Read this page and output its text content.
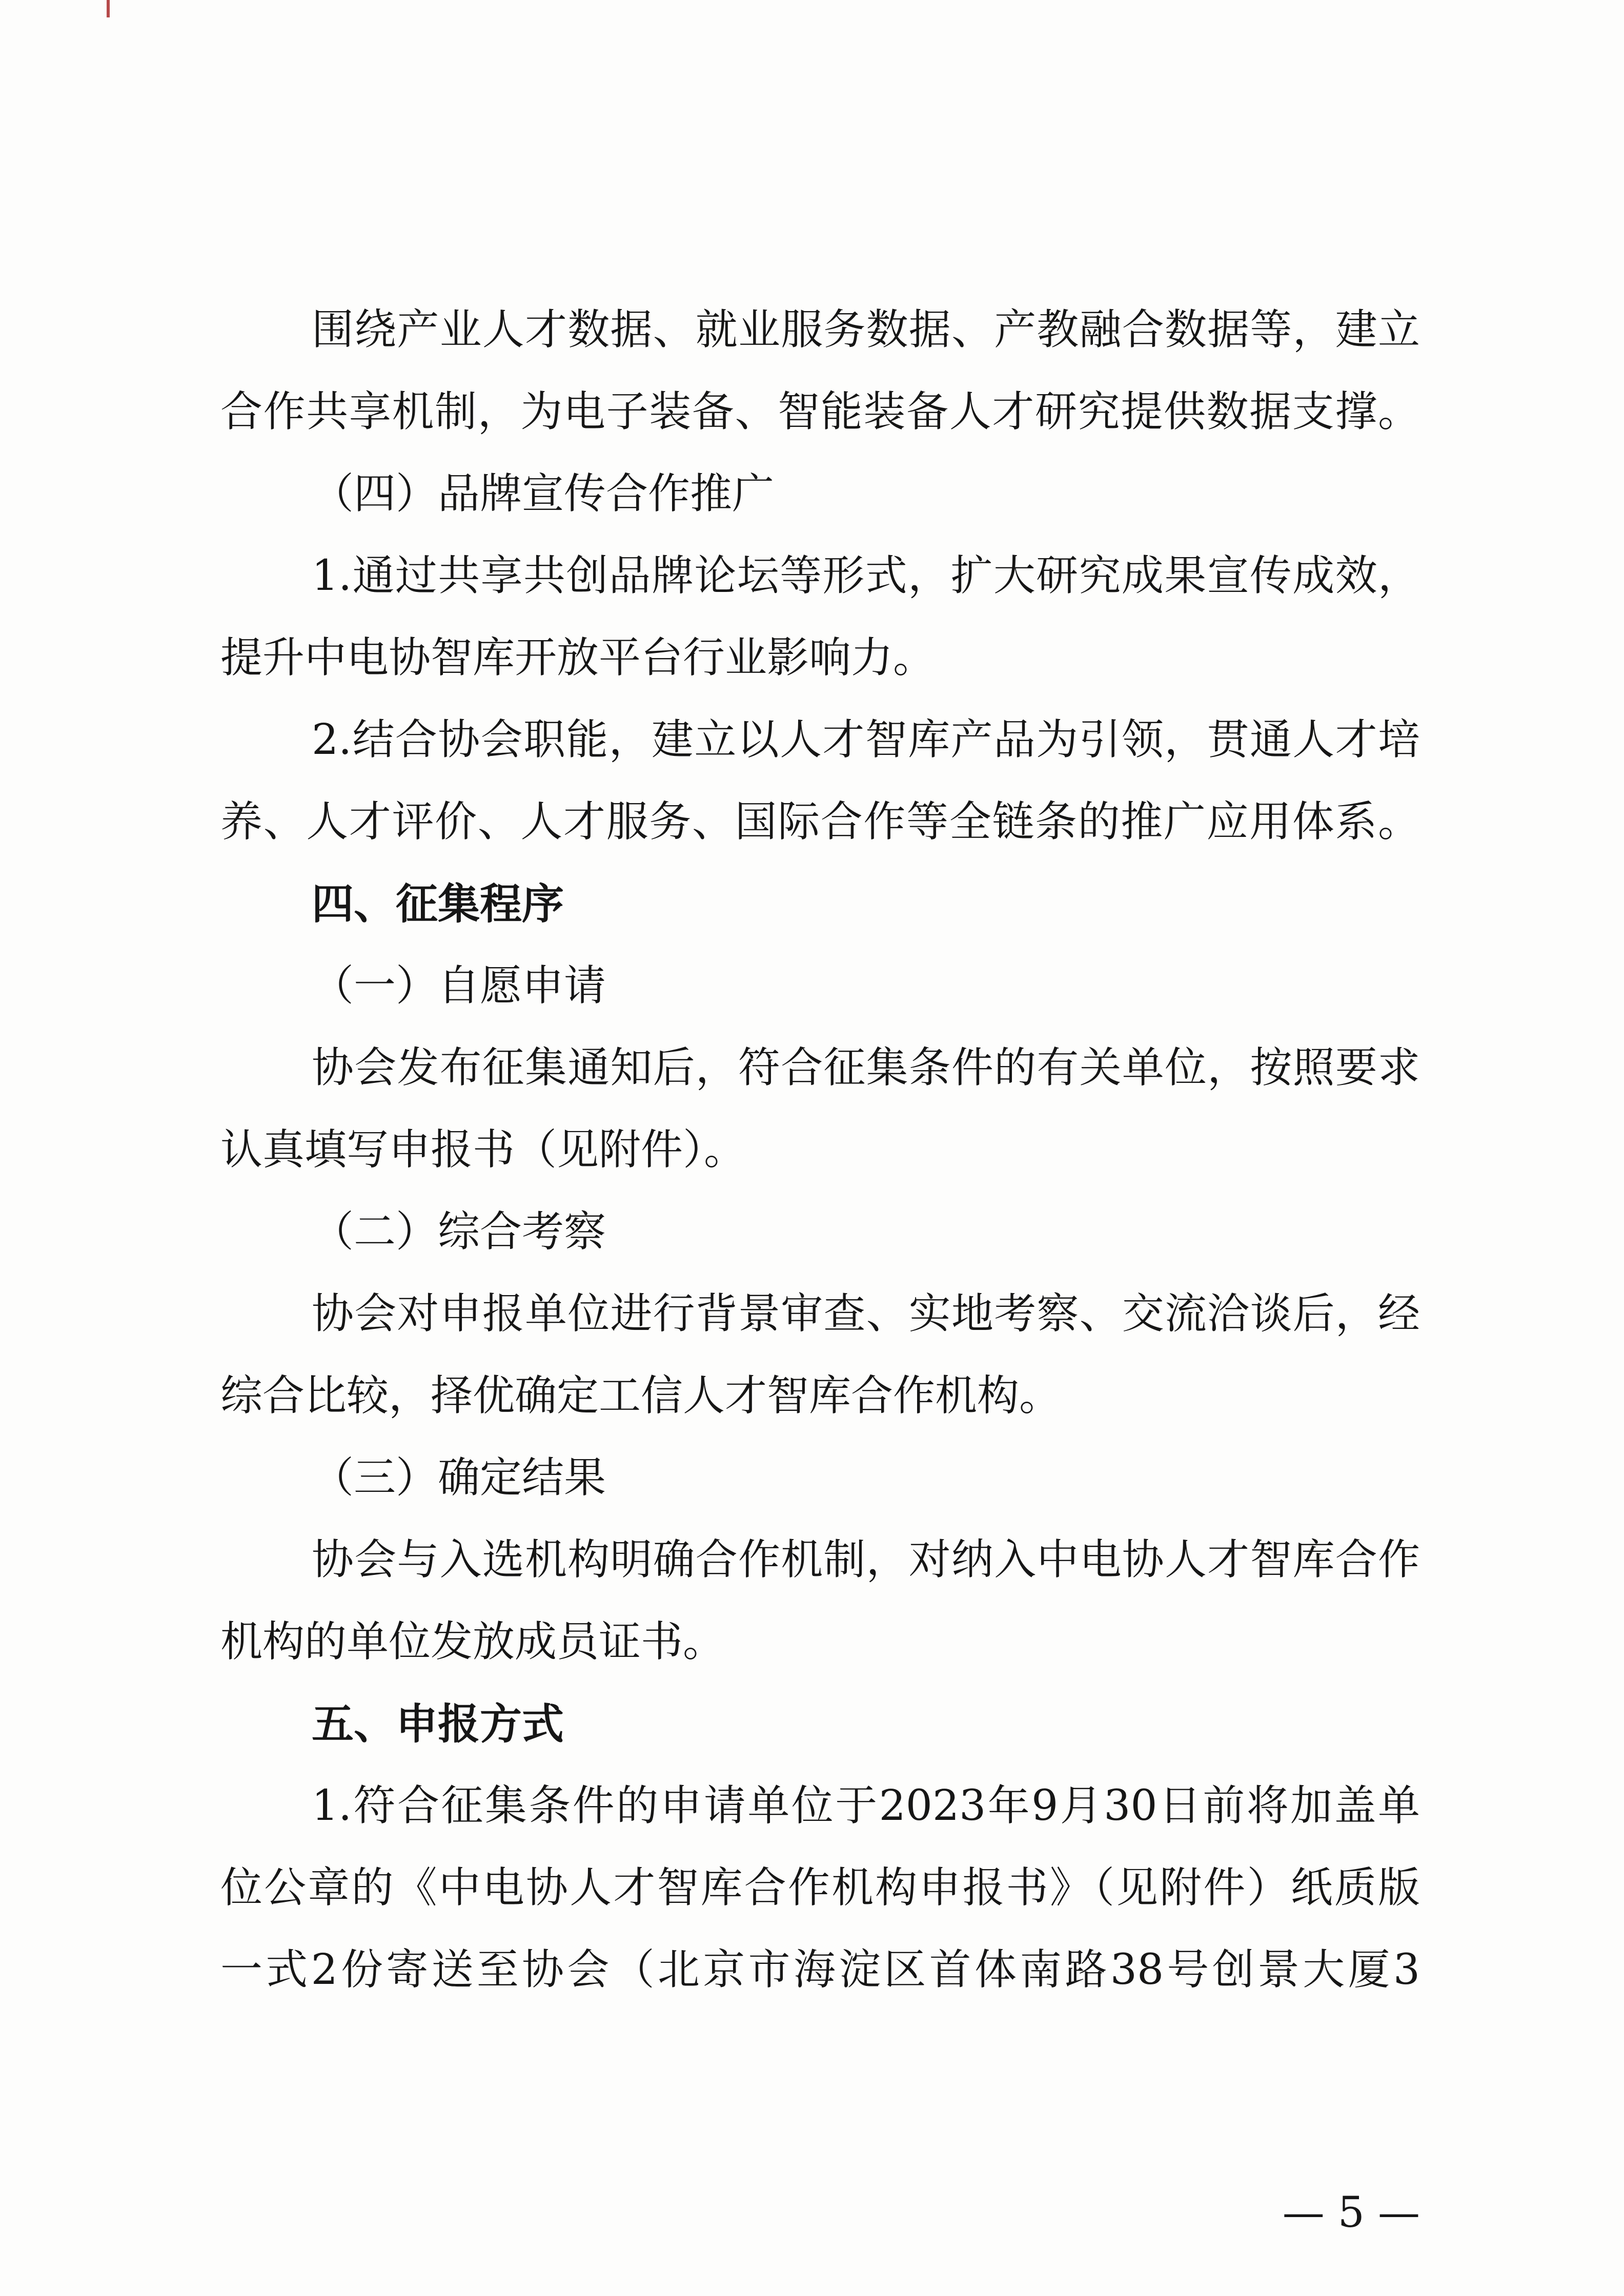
围绕产业人才数据、就业服务数据、产教融合数据等，建立
合作共享机制，为电子装备、智能装备人才研究提供数据支撑。
（四）品牌宣传合作推广
1.通过共享共创品牌论坛等形式，扩大研究成果宣传成效，
提升中电协智库开放平台行业影响力。
2.结合协会职能，建立以人才智库产品为引领，贯通人才培
养、人才评价、人才服务、国际合作等全链条的推广应用体系。
四、征集程序
（一）自愿申请
协会发布征集通知后，符合征集条件的有关单位，按照要求
认真填写申报书（见附件）。
（二）综合考察
协会对申报单位进行背景审查、实地考察、交流洽谈后，经
综合比较，择优确定工信人才智库合作机构。
（三）确定结果
协会与入选机构明确合作机制，对纳入中电协人才智库合作
机构的单位发放成员证书。
五、申报方式
1.符合征集条件的申请单位于2023年9月30日前将加盖单
位公章的《中电协人才智库合作机构申报书》（见附件）纸质版
一式2份寄送至协会（北京市海淀区首体南路38号创景大厦3
— 5 —
